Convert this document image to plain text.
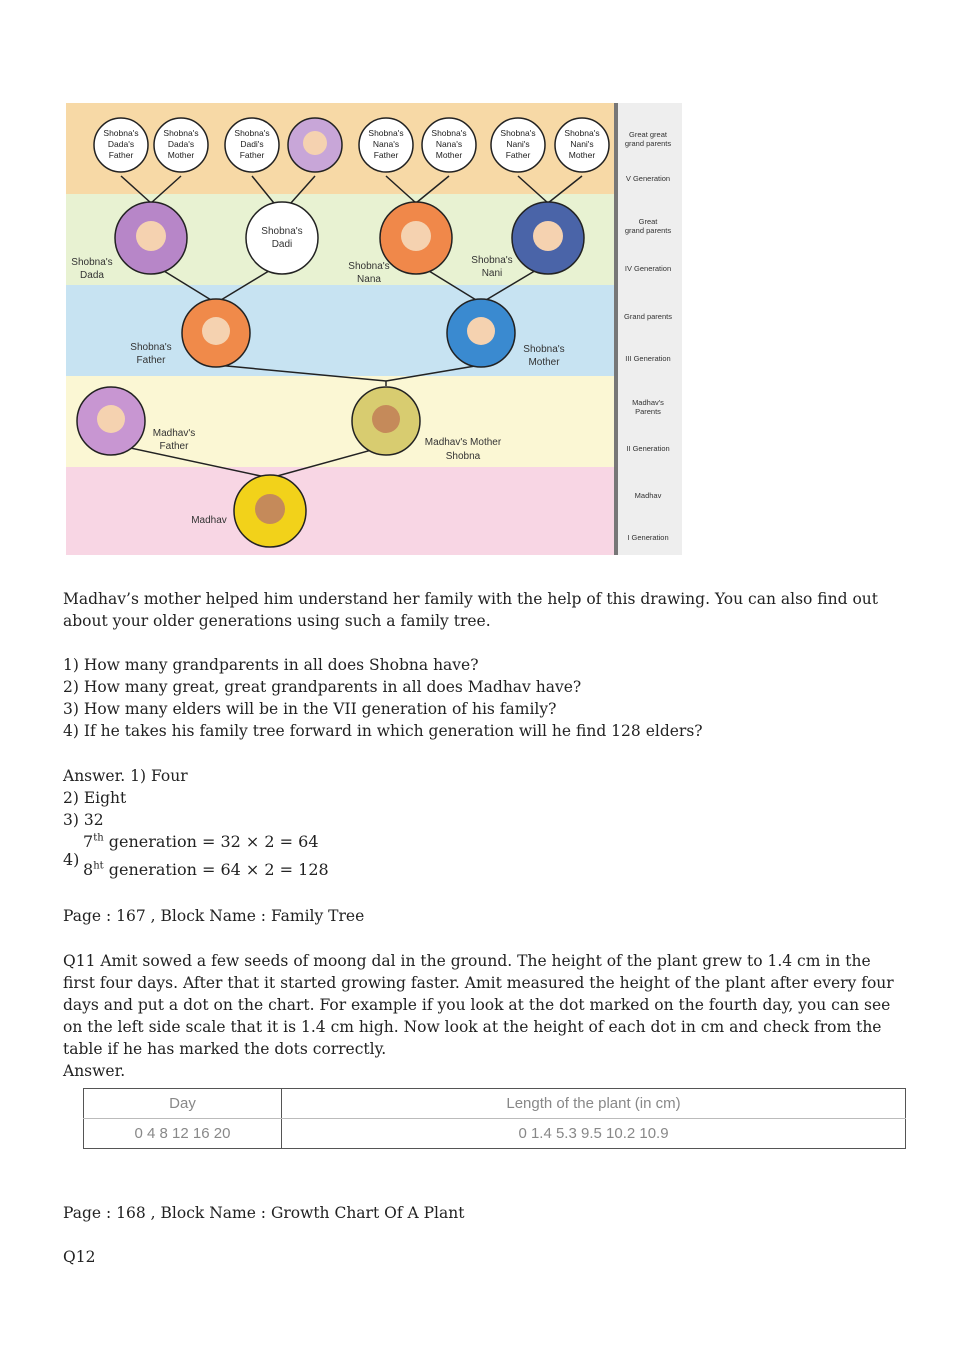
Shobna's Dada's Father
Shobna's Dada's Mother
Shobna's Dadi's Father
Shobna's Nana's Father
Shobna's Nana's Mother
Shobna's Nani's Father
Shobna's Nani's Mother
Shobna's Dadi
Shobna's Dada
Shobna's Nana
Shobna's Nani
Shobna's Father
Shobna's Mother
Madhav's Father	Madhav's Mother Shobna
Madhav
Great great grand parents
V Generation
Great grand parents
IV Generation
Grand parents
III Generation
Madhav's Parents
II Generation
Madhav
I Generation

Madhav’s mother helped him understand her family with the help of this drawing. You can also find out about your older generations using such a family tree.

1) How many grandparents in all does Shobna have?

2) How many great, great grandparents in all does Madhav have?

3) How many elders will be in the VII generation of his family?

4) If he takes his family tree forward in which generation will he find 128 elders?

Answer. 1) Four

2) Eight

3) 32

4)
7th generation = 32 × 2 = 64
$8^{ht}$ generation = 64 × 2 = 128

Page : 167 , Block Name : Family Tree

Q11 Amit sowed a few seeds of moong dal in the ground. The height of the plant grew to 1.4 cm in the first four days. After that it started growing faster. Amit measured the height of the plant after every four days and put a dot on the chart. For example if you look at the dot marked on the fourth day, you can see on the left side scale that it is 1.4 cm high. Now look at the height of each dot in cm and check from the table if he has marked the dots correctly.

Answer.

Day	Length of the plant (in cm)
0 4 8 12 16 20	0 1.4 5.3 9.5 10.2 10.9

Page : 168 , Block Name : Growth Chart Of A Plant

Q12
